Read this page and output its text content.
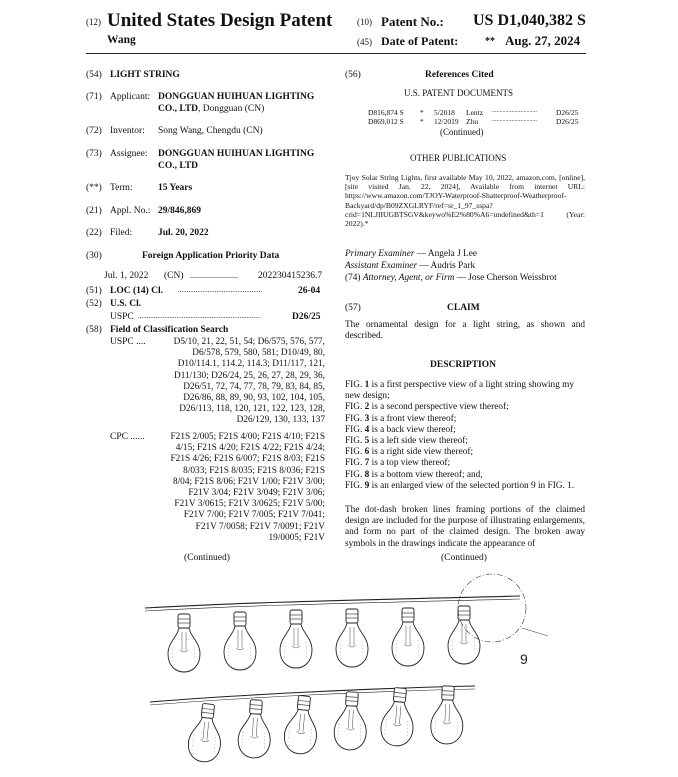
(12) United States Design Patent
Wang
(10) Patent No.: US D1,040,382 S
(45) Date of Patent:	** Aug. 27, 2024
(54) LIGHT STRING
(71) Applicant: DONGGUAN HUIHUAN LIGHTING
CO., LTD, Dongguan (CN)
(72) Inventor: Song Wang, Chengdu (CN)
(73) Assignee: DONGGUAN HUIHUAN LIGHTING
CO., LTD
(**) Term:	15 Years
(21) Appl. No.: 29/846,869
(22) Filed:	Jul. 20, 2022
(30)	Foreign Application Priority Data
Jul. 1, 2022 (CN) ........................ 202230415236.7
(51) LOC (14) Cl. ................................................	26-04
(52) U.S. Cl.
USPC ......................................................................	D26/25
(58) Field of Classification Search
USPC ....	D5/10, 21, 22, 51, 54; D6/575, 576, 577,
D6/578, 579, 580, 581; D10/49, 80,
D10/114.1, 114.2, 114.3; D11/117, 121,
D11/130; D26/24, 25, 26, 27, 28, 29, 36,
D26/51, 72, 74, 77, 78, 79, 83, 84, 85,
D26/86, 88, 89, 90, 93, 102, 104, 105,
D26/113, 118, 120, 121, 122, 123, 128,
D26/129, 130, 133, 137
CPC ......	F21S 2/005; F21S 4/00; F21S 4/10; F21S
4/15; F21S 4/20; F21S 4/22; F21S 4/24;
F21S 4/26; F21S 6/007; F21S 8/03; F21S
8/033; F21S 8/035; F21S 8/036; F21S
8/04; F21S 8/06; F21V 1/00; F21V 3/00;
F21V 3/04; F21V 3/049; F21V 3/06;
F21V 3/0615; F21V 3/0625; F21V 5/00;
F21V 7/00; F21V 7/005; F21V 7/041;
F21V 7/0058; F21V 7/0091; F21V
19/0005; F21V
(Continued)
(56)	References Cited
U.S. PATENT DOCUMENTS
D816,874 S * 5/2018 Lentz ..............................	D26/25
D869,012 S * 12/2019 Zhu ..............................	D26/25
(Continued)
OTHER PUBLICATIONS
Tjoy Solar String Lights, first available May 10, 2022, amazon.com, [online], [site visited Jan. 22, 2024], Available from internet URL: https://www.amazon.com/TJOY-Waterproof-Shatterproof-Weatherproof-Backyard/dp/B09ZXGLRYF/ref=sr_1_97_sspa?crid=1NLJIIUGBTSGV&keywo%E2%80%A6=undefined&th=1 (Year: 2022).*
Primary Examiner — Angela J Lee
Assistant Examiner — Audris Park
(74) Attorney, Agent, or Firm — Jose Cherson Weissbrot
(57)	CLAIM
The ornamental design for a light string, as shown and described.
DESCRIPTION
FIG. 1 is a first perspective view of a light string showing my new design;
FIG. 2 is a second perspective view thereof;
FIG. 3 is a front view thereof;
FIG. 4 is a back view thereof;
FIG. 5 is a left side view thereof;
FIG. 6 is a right side view thereof;
FIG. 7 is a top view thereof;
FIG. 8 is a bottom view thereof; and,
FIG. 9 is an enlarged view of the selected portion 9 in FIG. 1.
The dot-dash broken lines framing portions of the claimed design are included for the purpose of illustrating enlargements, and form no part of the claimed design. The broken away symbols in the drawings indicate the appearance of
(Continued)
9
